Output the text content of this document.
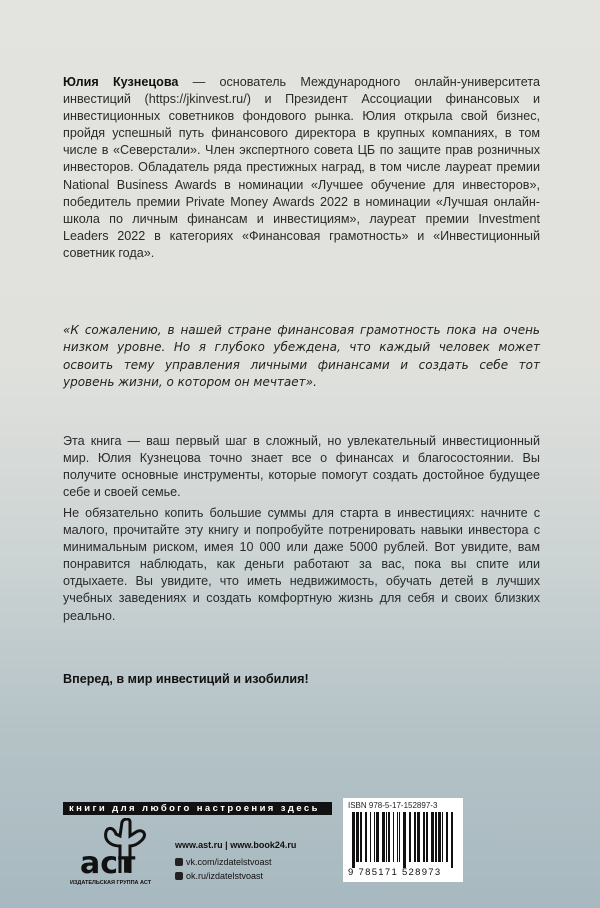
Юлия Кузнецова — основатель Международного онлайн-университета инвестиций (https://jkinvest.ru/) и Президент Ассоциации финансовых и инвестиционных советников фондового рынка. Юлия открыла свой бизнес, пройдя успешный путь финансового директора в крупных компаниях, в том числе в «Северстали». Член экспертного совета ЦБ по защите прав розничных инвесторов. Обладатель ряда престижных наград, в том числе лауреат премии National Business Awards в номинации «Лучшее обучение для инвесторов», победитель премии Private Money Awards 2022 в номинации «Лучшая онлайн-школа по личным финансам и инвестициям», лауреат премии Investment Leaders 2022 в категориях «Финансовая грамотность» и «Инвестиционный советник года».
«К сожалению, в нашей стране финансовая грамотность пока на очень низком уровне. Но я глубоко убеждена, что каждый человек может освоить тему управления личными финансами и создать себе тот уровень жизни, о котором он мечтает».
Эта книга — ваш первый шаг в сложный, но увлекательный инвестиционный мир. Юлия Кузнецова точно знает все о финансах и благосостоянии. Вы получите основные инструменты, которые помогут создать достойное будущее себе и своей семье.
Не обязательно копить большие суммы для старта в инвестициях: начните с малого, прочитайте эту книгу и попробуйте потренировать навыки инвестора с минимальным риском, имея 10 000 или даже 5000 рублей. Вот увидите, вам понравится наблюдать, как деньги работают за вас, пока вы спите или отдыхаете. Вы увидите, что иметь недвижимость, обучать детей в лучших учебных заведениях и создать комфортную жизнь для себя и своих близких реально.
Вперед, в мир инвестиций и изобилия!
книги для любого настроения здесь
аст
ИЗДАТЕЛЬСКАЯ ГРУППА АСТ
www.ast.ru | www.book24.ru
vk.com/izdatelstvoast
ok.ru/izdatelstvoast
ISBN 978-5-17-152897-3
9 785171 528973
